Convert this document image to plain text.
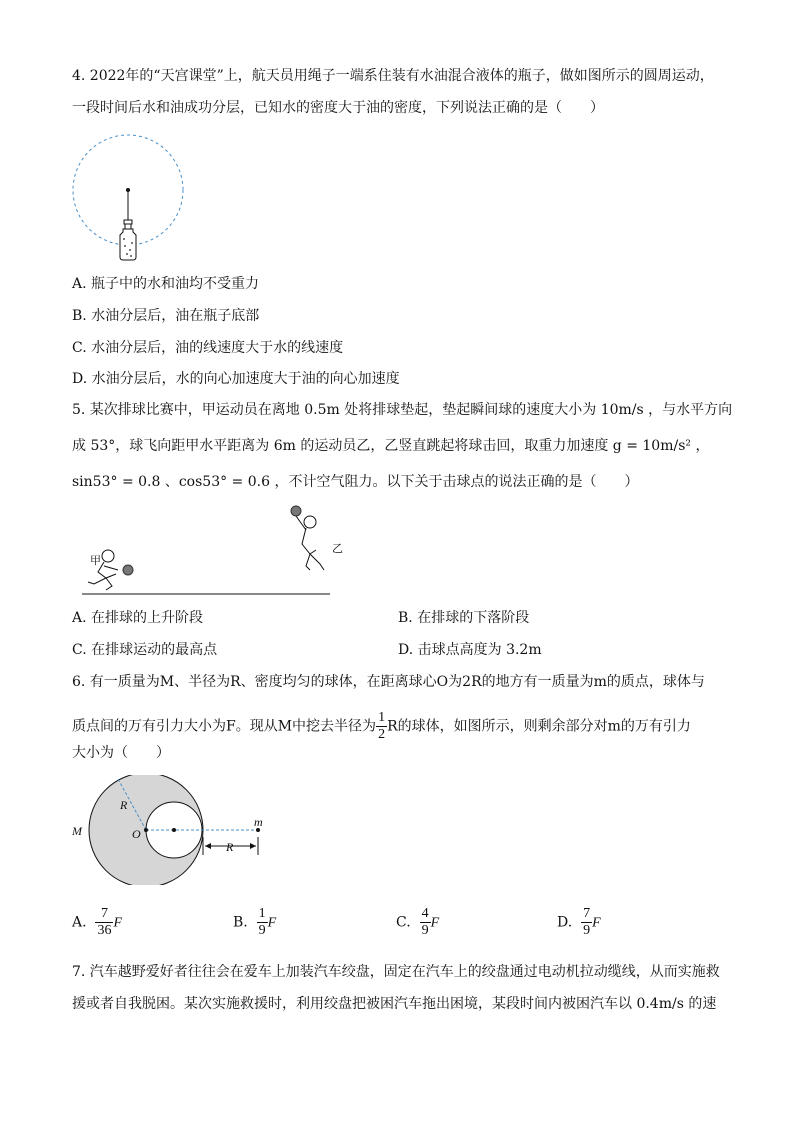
4. 2022年的“天宫课堂”上，航天员用绳子一端系住装有水油混合液体的瓶子，做如图所示的圆周运动，
一段时间后水和油成功分层，已知水的密度大于油的密度，下列说法正确的是（　　）
A. 瓶子中的水和油均不受重力
B. 水油分层后，油在瓶子底部
C. 水油分层后，油的线速度大于水的线速度
D. 水油分层后，水的向心加速度大于油的向心加速度
5. 某次排球比赛中，甲运动员在离地 0.5m 处将排球垫起，垫起瞬间球的速度大小为 10m/s ，与水平方向
成 53°，球飞向距甲水平距离为 6m 的运动员乙，乙竖直跳起将球击回，取重力加速度 g = 10m/s² ，
sin53° = 0.8 、cos53° = 0.6 ，不计空气阻力。以下关于击球点的说法正确的是（　　）
甲
乙
A. 在排球的上升阶段	B. 在排球的下落阶段
C. 在排球运动的最高点	D. 击球点高度为 3.2m
6. 有一质量为M、半径为R、密度均匀的球体，在距离球心O为2R的地方有一质量为m的质点，球体与
质点间的万有引力大小为F。现从M中挖去半径为 $\frac{1}{2}$ R的球体，如图所示，则剩余部分对m的万有引力
大小为（　　）
R
M	O
m
R
A. $\frac{7}{36}$ F	B. $\frac{1}{9}$ F	C. $\frac{4}{9}$ F	D. $\frac{7}{9}$ F
7. 汽车越野爱好者往往会在爱车上加装汽车绞盘，固定在汽车上的绞盘通过电动机拉动缆线，从而实施救
援或者自我脱困。某次实施救援时，利用绞盘把被困汽车拖出困境，某段时间内被困汽车以 0.4m/s 的速
